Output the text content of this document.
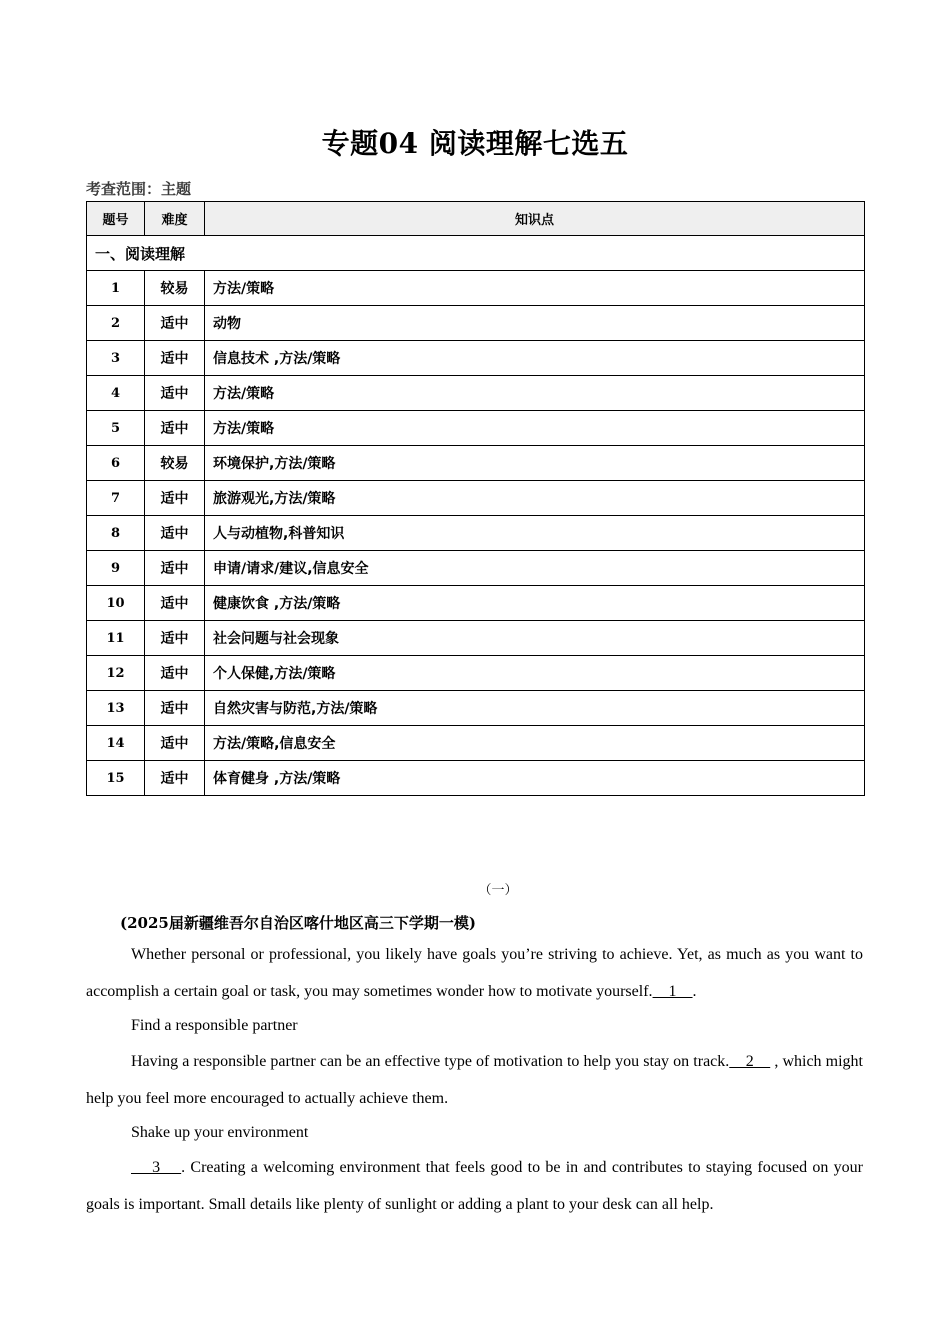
专题04 阅读理解七选五
考查范围：主题
题号	难度	知识点
一、阅读理解		
1	较易	方法/策略
2	适中	动物
3	适中	信息技术 ,方法/策略
4	适中	方法/策略
5	适中	方法/策略
6	较易	环境保护,方法/策略
7	适中	旅游观光,方法/策略
8	适中	人与动植物,科普知识
9	适中	申请/请求/建议,信息安全
10	适中	健康饮食 ,方法/策略
11	适中	社会问题与社会现象
12	适中	个人保健,方法/策略
13	适中	自然灾害与防范,方法/策略
14	适中	方法/策略,信息安全
15	适中	体育健身 ,方法/策略
（一）
(2025届新疆维吾尔自治区喀什地区高三下学期一模)

Whether personal or professional, you likely have goals you’re striving to achieve. Yet, as much as you want to accomplish a certain goal or task, you may sometimes wonder how to motivate yourself.    1    .

Find a responsible partner

Having a responsible partner can be an effective type of motivation to help you stay on track.    2     , which might help you feel more encouraged to actually achieve them.

Shake up your environment

3    . Creating a welcoming environment that feels good to be in and contributes to staying focused on your goals is important. Small details like plenty of sunlight or adding a plant to your desk can all help.
